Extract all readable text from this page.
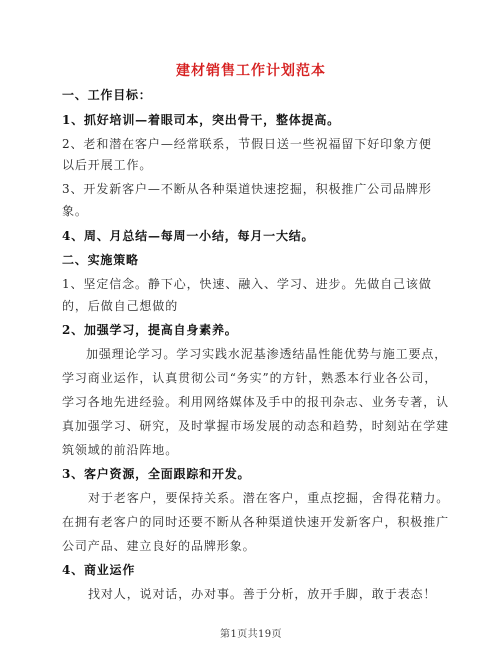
建材销售工作计划范本
一、工作目标：
1、抓好培训—着眼司本，突出骨干，整体提高。
2、老和潜在客户—经常联系，节假日送一些祝福留下好印象方便
以后开展工作。
3、开发新客户—不断从各种渠道快速挖掘，积极推广公司品牌形
象。
4、周、月总结—每周一小结，每月一大结。
二、实施策略
1、坚定信念。静下心，快速、融入、学习、进步。先做自己该做
的，后做自己想做的
2、加强学习，提高自身素养。
加强理论学习。学习实践水泥基渗透结晶性能优势与施工要点，
学习商业运作，认真贯彻公司“务实”的方针，熟悉本行业各公司，
学习各地先进经验。利用网络媒体及手中的报刊杂志、业务专著，认
真加强学习、研究，及时掌握市场发展的动态和趋势，时刻站在学建
筑领域的前沿阵地。
3、客户资源，全面跟踪和开发。
对于老客户，要保持关系。潜在客户，重点挖掘，舍得花精力。
在拥有老客户的同时还要不断从各种渠道快速开发新客户，积极推广
公司产品、建立良好的品牌形象。
4、商业运作
找对人，说对话，办对事。善于分析，放开手脚，敢于表态！
第1页共19页
